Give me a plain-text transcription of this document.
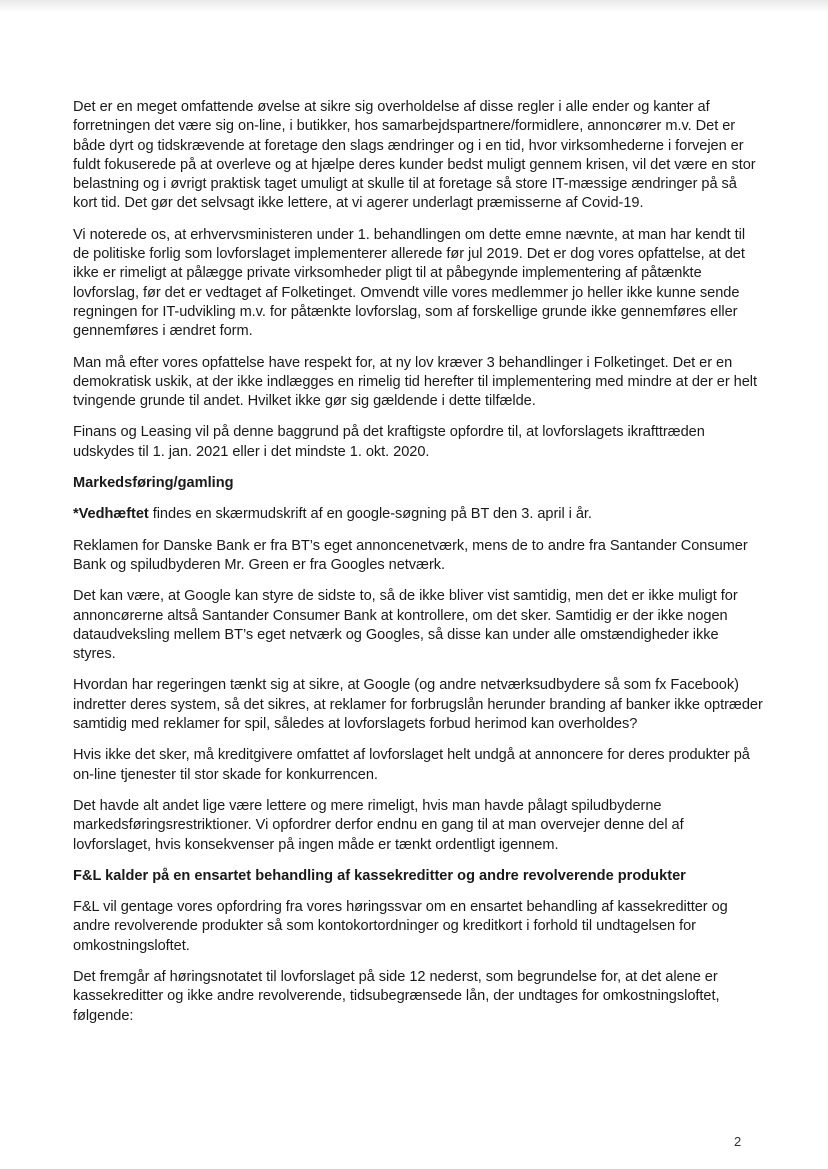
Det er en meget omfattende øvelse at sikre sig overholdelse af disse regler i alle ender og kanter af forretningen det være sig on-line, i butikker, hos samarbejdspartnere/formidlere, annoncører m.v. Det er både dyrt og tidskrævende at foretage den slags ændringer og i en tid, hvor virksomhederne i forvejen er fuldt fokuserede på at overleve og at hjælpe deres kunder bedst muligt gennem krisen, vil det være en stor belastning og i øvrigt praktisk taget umuligt at skulle til at foretage så store IT-mæssige ændringer på så kort tid. Det gør det selvsagt ikke lettere, at vi agerer underlagt præmisserne af Covid-19.

Vi noterede os, at erhvervsministeren under 1. behandlingen om dette emne nævnte, at man har kendt til de politiske forlig som lovforslaget implementerer allerede før jul 2019. Det er dog vores opfattelse, at det ikke er rimeligt at pålægge private virksomheder pligt til at påbegynde implementering af påtænkte lovforslag, før det er vedtaget af Folketinget. Omvendt ville vores medlemmer jo heller ikke kunne sende regningen for IT-udvikling m.v. for påtænkte lovforslag, som af forskellige grunde ikke gennemføres eller gennemføres i ændret form.

Man må efter vores opfattelse have respekt for, at ny lov kræver 3 behandlinger i Folketinget. Det er en demokratisk uskik, at der ikke indlægges en rimelig tid herefter til implementering med mindre at der er helt tvingende grunde til andet. Hvilket ikke gør sig gældende i dette tilfælde.

Finans og Leasing vil på denne baggrund på det kraftigste opfordre til, at lovforslagets ikrafttræden udskydes til 1. jan. 2021 eller i det mindste 1. okt. 2020.

Markedsføring/gamling

*Vedhæftet findes en skærmudskrift af en google-søgning på BT den 3. april i år.

Reklamen for Danske Bank er fra BT’s eget annoncenetværk, mens de to andre fra Santander Consumer Bank og spiludbyderen Mr. Green er fra Googles netværk.

Det kan være, at Google kan styre de sidste to, så de ikke bliver vist samtidig, men det er ikke muligt for annoncørerne altså Santander Consumer Bank at kontrollere, om det sker. Samtidig er der ikke nogen dataudveksling mellem BT’s eget netværk og Googles, så disse kan under alle omstændigheder ikke styres.

Hvordan har regeringen tænkt sig at sikre, at Google (og andre netværksudbydere så som fx Facebook) indretter deres system, så det sikres, at reklamer for forbrugslån herunder branding af banker ikke optræder samtidig med reklamer for spil, således at lovforslagets forbud herimod kan overholdes?

Hvis ikke det sker, må kreditgivere omfattet af lovforslaget helt undgå at annoncere for deres produkter på on-line tjenester til stor skade for konkurrencen.

Det havde alt andet lige være lettere og mere rimeligt, hvis man havde pålagt spiludbyderne markedsføringsrestriktioner. Vi opfordrer derfor endnu en gang til at man overvejer denne del af lovforslaget, hvis konsekvenser på ingen måde er tænkt ordentligt igennem.

F&L kalder på en ensartet behandling af kassekreditter og andre revolverende produkter

F&L vil gentage vores opfordring fra vores høringssvar om en ensartet behandling af kassekreditter og andre revolverende produkter så som kontokortordninger og kreditkort i forhold til undtagelsen for omkostningsloftet.

Det fremgår af høringsnotatet til lovforslaget på side 12 nederst, som begrundelse for, at det alene er kassekreditter og ikke andre revolverende, tidsubegrænsede lån, der undtages for omkostningsloftet, følgende:

2
